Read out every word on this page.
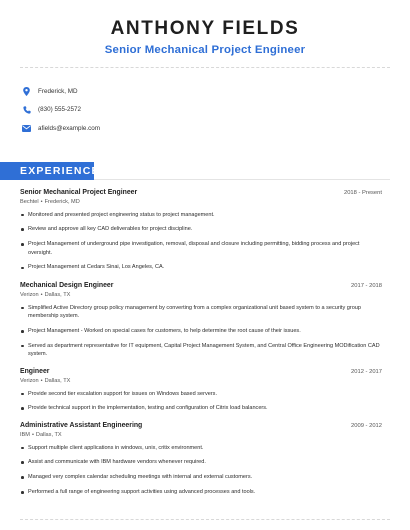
ANTHONY FIELDS
Senior Mechanical Project Engineer
Frederick, MD
(830) 555-2572
afields@example.com
EXPERIENCE
Senior Mechanical Project Engineer	2018 - Present
Bechtel • Frederick, MD
Monitored and presented project engineering status to project management.
Review and approve all key CAD deliverables for project discipline.
Project Management of underground pipe investigation, removal, disposal and closure including permitting, bidding process and project oversight.
Project Management at Cedars Sinai, Los Angeles, CA.
Mechanical Design Engineer	2017 - 2018
Verizon • Dallas, TX
Simplified Active Directory group policy management by converting from a complex organizational unit based system to a security group membership system.
Project Management - Worked on special cases for customers, to help determine the root cause of their issues.
Served as department representative for IT equipment, Capital Project Management System, and Central Office Engineering MODification CAD system.
Engineer	2012 - 2017
Verizon • Dallas, TX
Provide second tier escalation support for issues on Windows based servers.
Provide technical support in the implementation, testing and configuration of Citrix load balancers.
Administrative Assistant Engineering	2009 - 2012
IBM • Dallas, TX
Support multiple client applications in windows, unix, critix environment.
Assist and communicate with IBM hardware vendors whenever required.
Managed very complex calendar scheduling meetings with internal and external customers.
Performed a full range of engineering support activities using advanced processes and tools.
